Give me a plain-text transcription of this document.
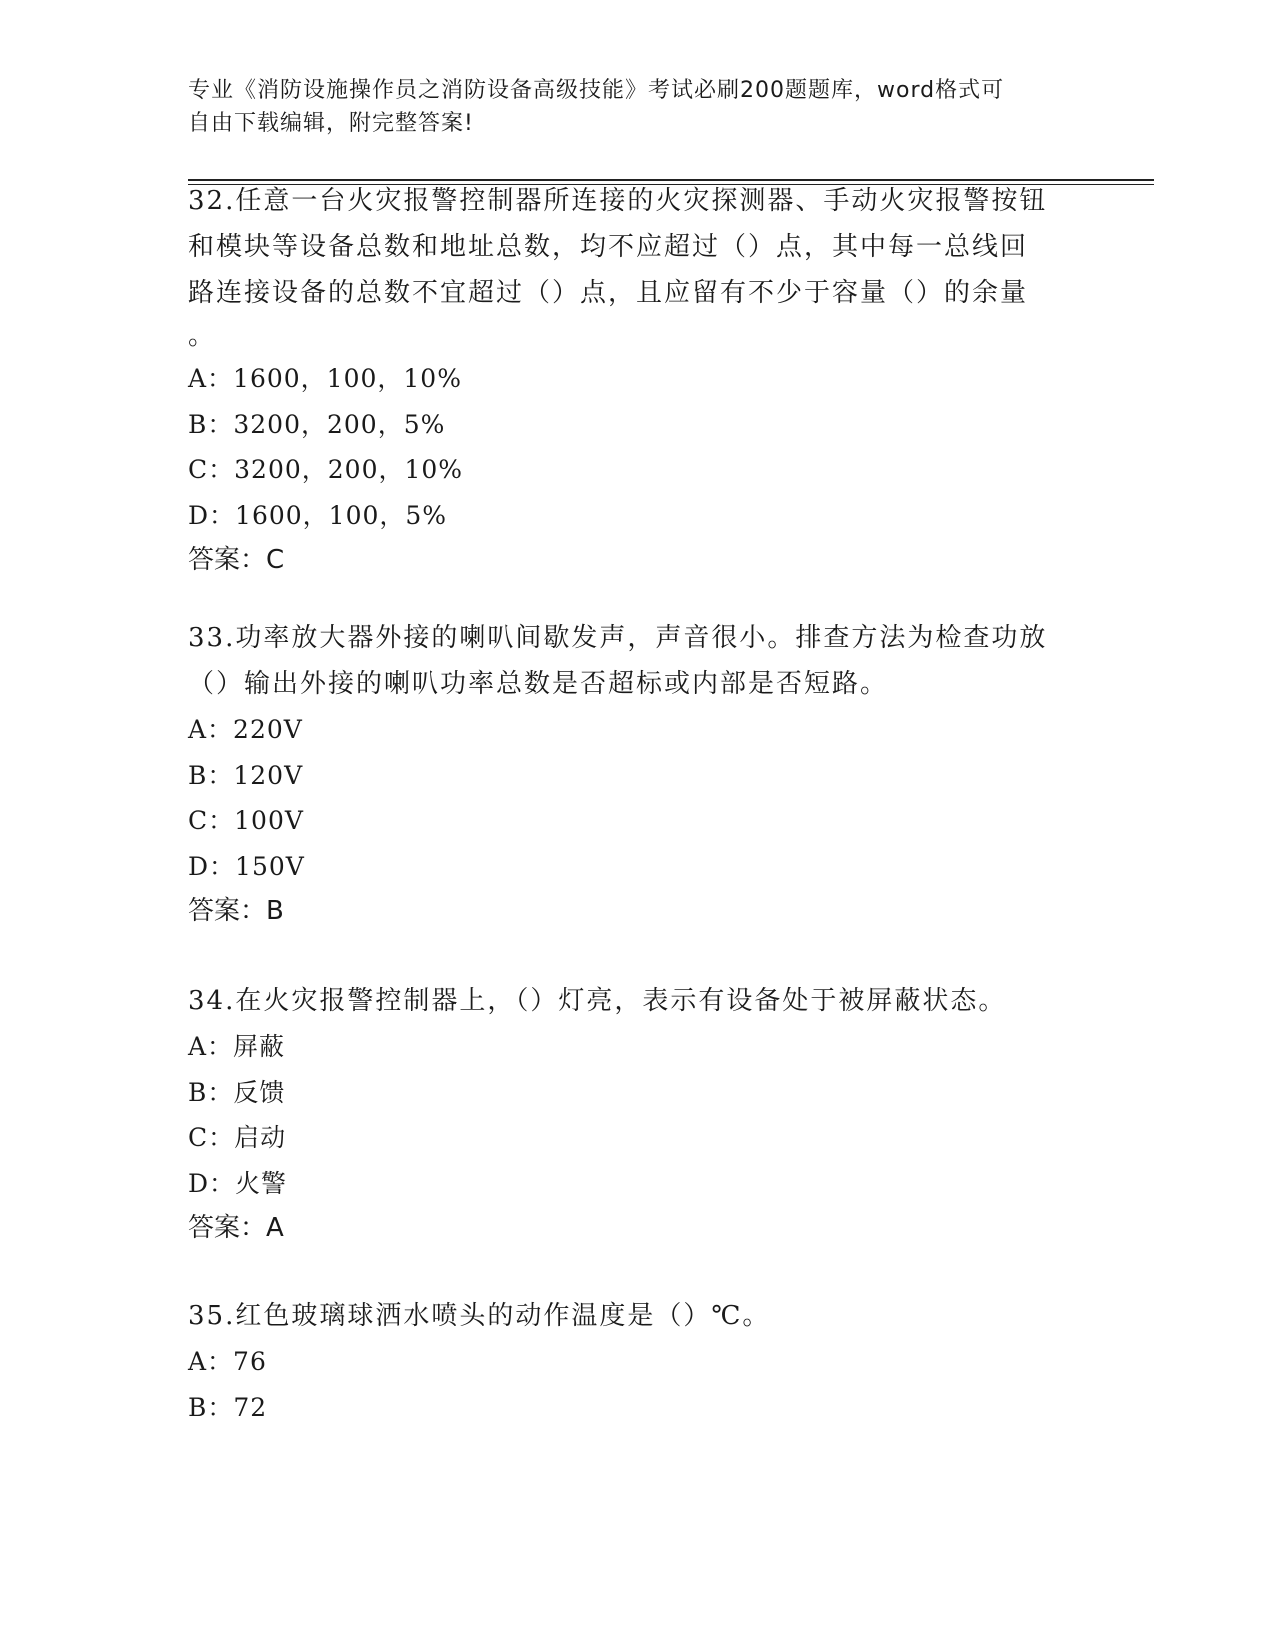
专业《消防设施操作员之消防设备高级技能》考试必刷200题题库，word格式可
自由下载编辑，附完整答案!

32.任意一台火灾报警控制器所连接的火灾探测器、手动火灾报警按钮

和模块等设备总数和地址总数，均不应超过（）点，其中每一总线回

路连接设备的总数不宜超过（）点，且应留有不少于容量（）的余量

。

A：1600，100，10%

B：3200，200，5%

C：3200，200，10%

D：1600，100，5%

答案：C

33.功率放大器外接的喇叭间歇发声，声音很小。排查方法为检查功放

（）输出外接的喇叭功率总数是否超标或内部是否短路。

A：220V

B：120V

C：100V

D：150V

答案：B

34.在火灾报警控制器上，（）灯亮，表示有设备处于被屏蔽状态。

A：屏蔽

B：反馈

C：启动

D：火警

答案：A

35.红色玻璃球洒水喷头的动作温度是（）℃。

A：76

B：72
